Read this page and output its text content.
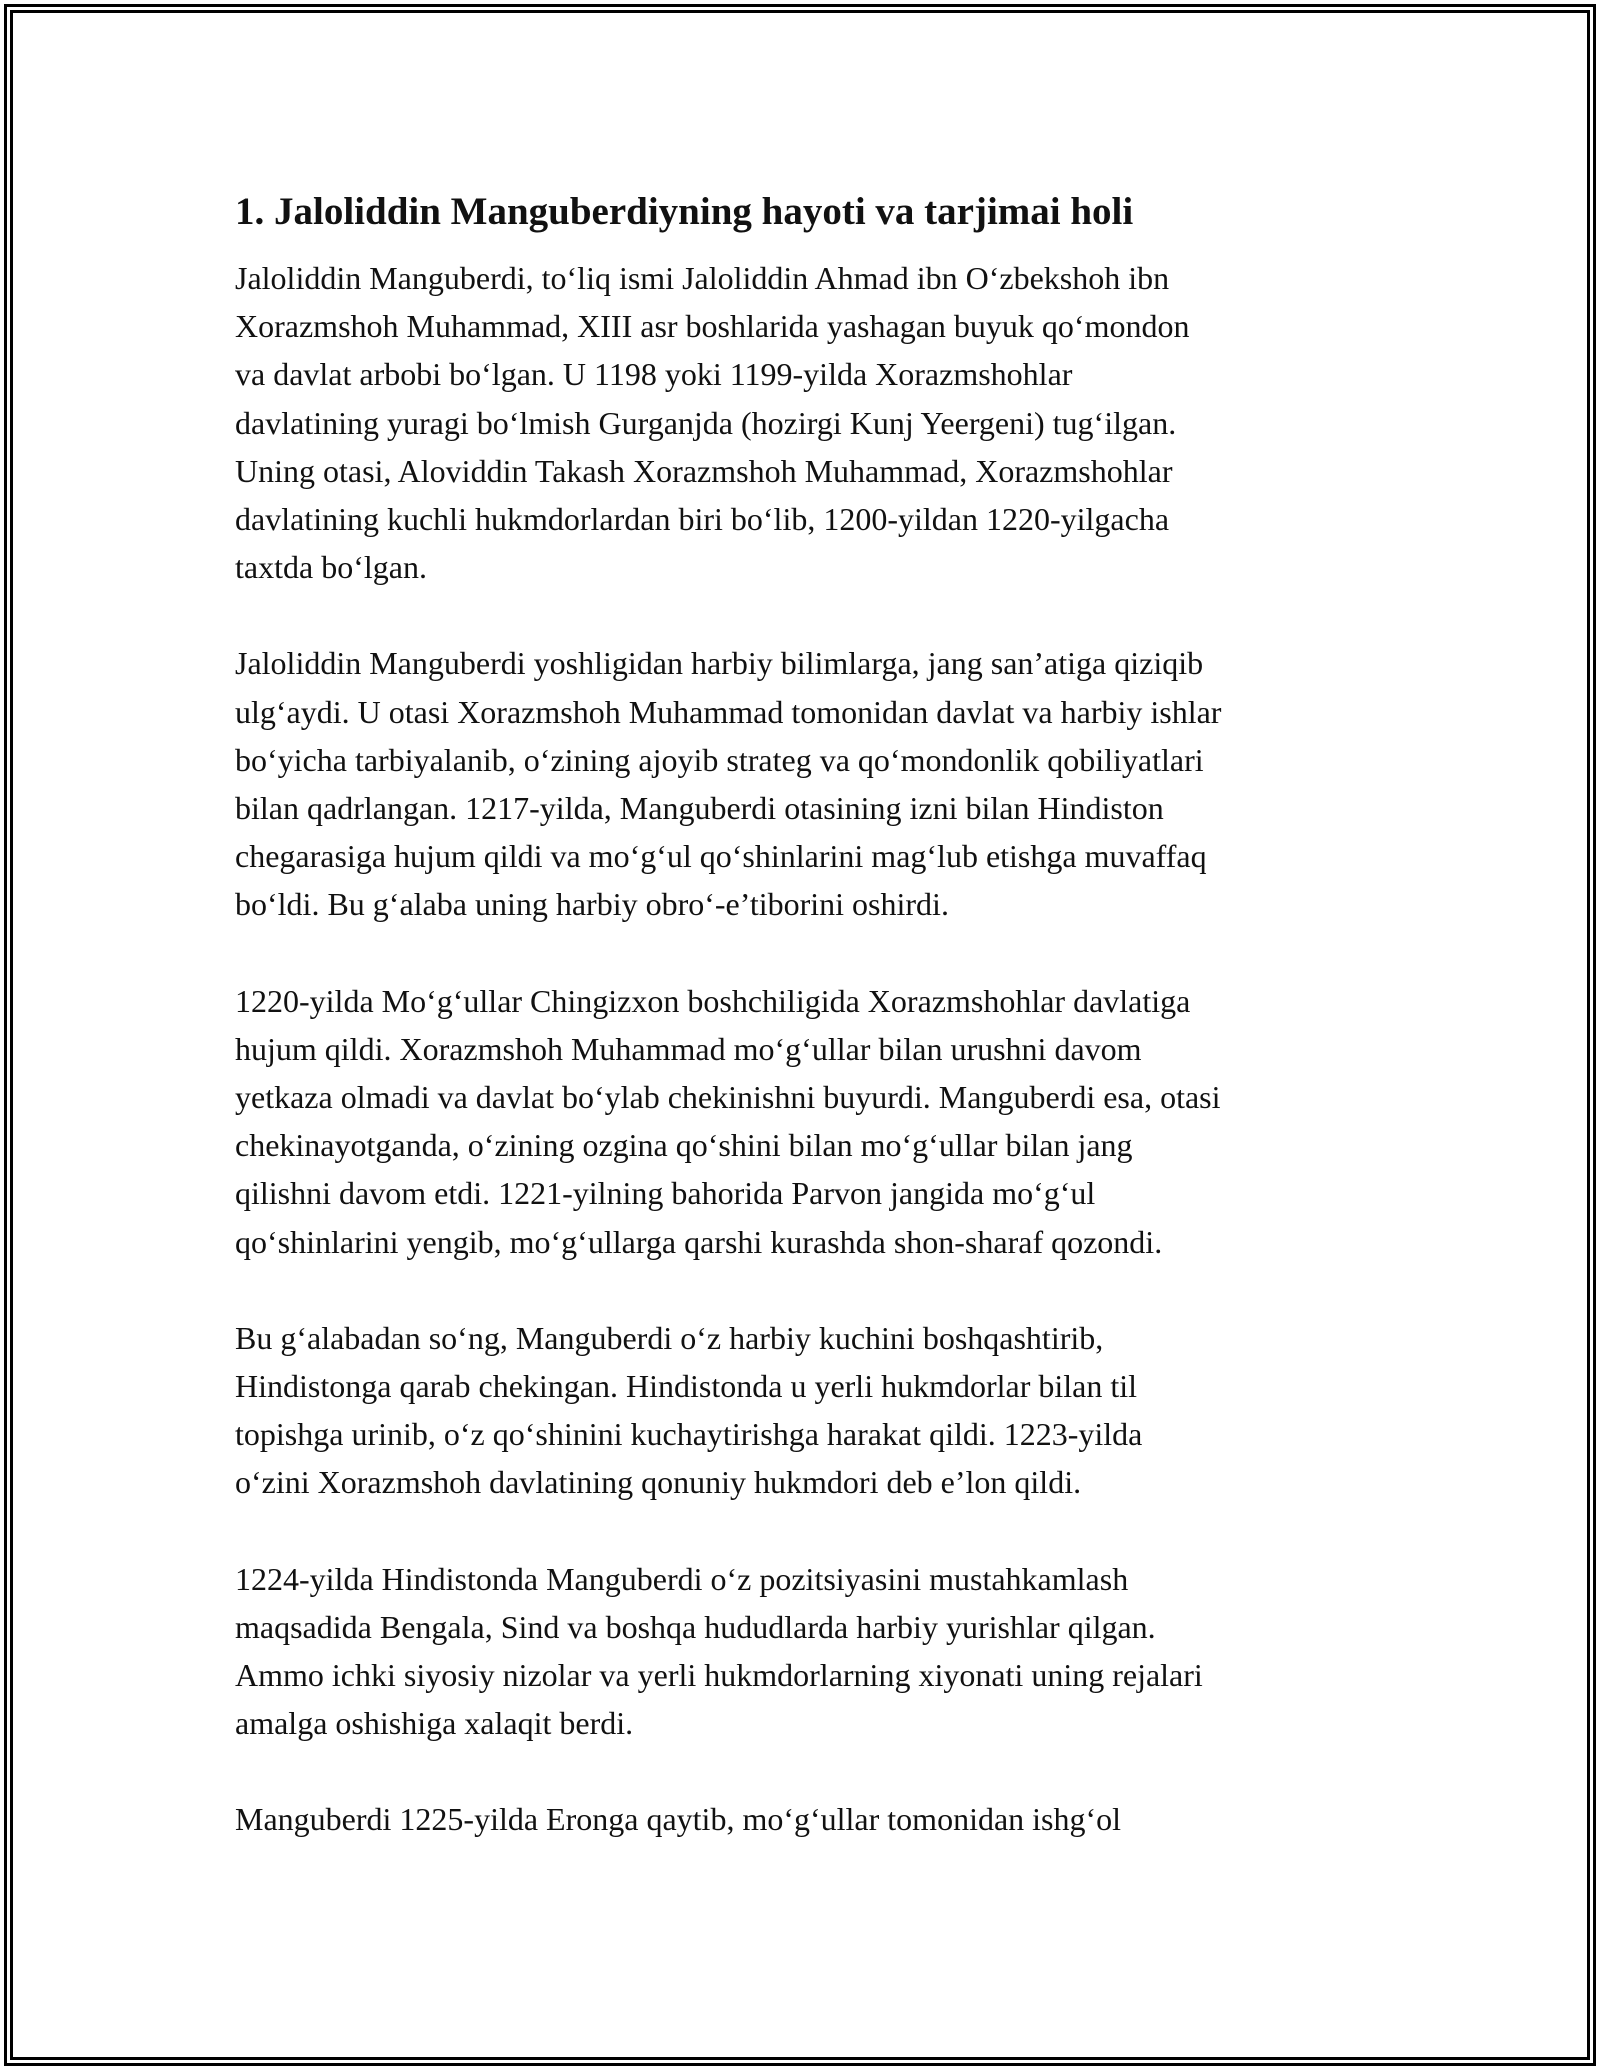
1. Jaloliddin Manguberdiyning hayoti va tarjimai holi
Jaloliddin Manguberdi, to‘liq ismi Jaloliddin Ahmad ibn O‘zbekshoh ibn
Xorazmshoh Muhammad, XIII asr boshlarida yashagan buyuk qo‘mondon
va davlat arbobi bo‘lgan. U 1198 yoki 1199-yilda Xorazmshohlar
davlatining yuragi bo‘lmish Gurganjda (hozirgi Kunj Yeergeni) tug‘ilgan.
Uning otasi, Aloviddin Takash Xorazmshoh Muhammad, Xorazmshohlar
davlatining kuchli hukmdorlardan biri bo‘lib, 1200-yildan 1220-yilgacha
taxtda bo‘lgan.
Jaloliddin Manguberdi yoshligidan harbiy bilimlarga, jang san’atiga qiziqib
ulg‘aydi. U otasi Xorazmshoh Muhammad tomonidan davlat va harbiy ishlar
bo‘yicha tarbiyalanib, o‘zining ajoyib strateg va qo‘mondonlik qobiliyatlari
bilan qadrlangan. 1217-yilda, Manguberdi otasining izni bilan Hindiston
chegarasiga hujum qildi va mo‘g‘ul qo‘shinlarini mag‘lub etishga muvaffaq
bo‘ldi. Bu g‘alaba uning harbiy obro‘-e’tiborini oshirdi.
1220-yilda Mo‘g‘ullar Chingizxon boshchiligida Xorazmshohlar davlatiga
hujum qildi. Xorazmshoh Muhammad mo‘g‘ullar bilan urushni davom
yetkaza olmadi va davlat bo‘ylab chekinishni buyurdi. Manguberdi esa, otasi
chekinayotganda, o‘zining ozgina qo‘shini bilan mo‘g‘ullar bilan jang
qilishni davom etdi. 1221-yilning bahorida Parvon jangida mo‘g‘ul
qo‘shinlarini yengib, mo‘g‘ullarga qarshi kurashda shon-sharaf qozondi.
Bu g‘alabadan so‘ng, Manguberdi o‘z harbiy kuchini boshqashtirib,
Hindistonga qarab chekingan. Hindistonda u yerli hukmdorlar bilan til
topishga urinib, o‘z qo‘shinini kuchaytirishga harakat qildi. 1223-yilda
o‘zini Xorazmshoh davlatining qonuniy hukmdori deb e’lon qildi.
1224-yilda Hindistonda Manguberdi o‘z pozitsiyasini mustahkamlash
maqsadida Bengala, Sind va boshqa hududlarda harbiy yurishlar qilgan.
Ammo ichki siyosiy nizolar va yerli hukmdorlarning xiyonati uning rejalari
amalga oshishiga xalaqit berdi.
Manguberdi 1225-yilda Eronga qaytib, mo‘g‘ullar tomonidan ishg‘ol
